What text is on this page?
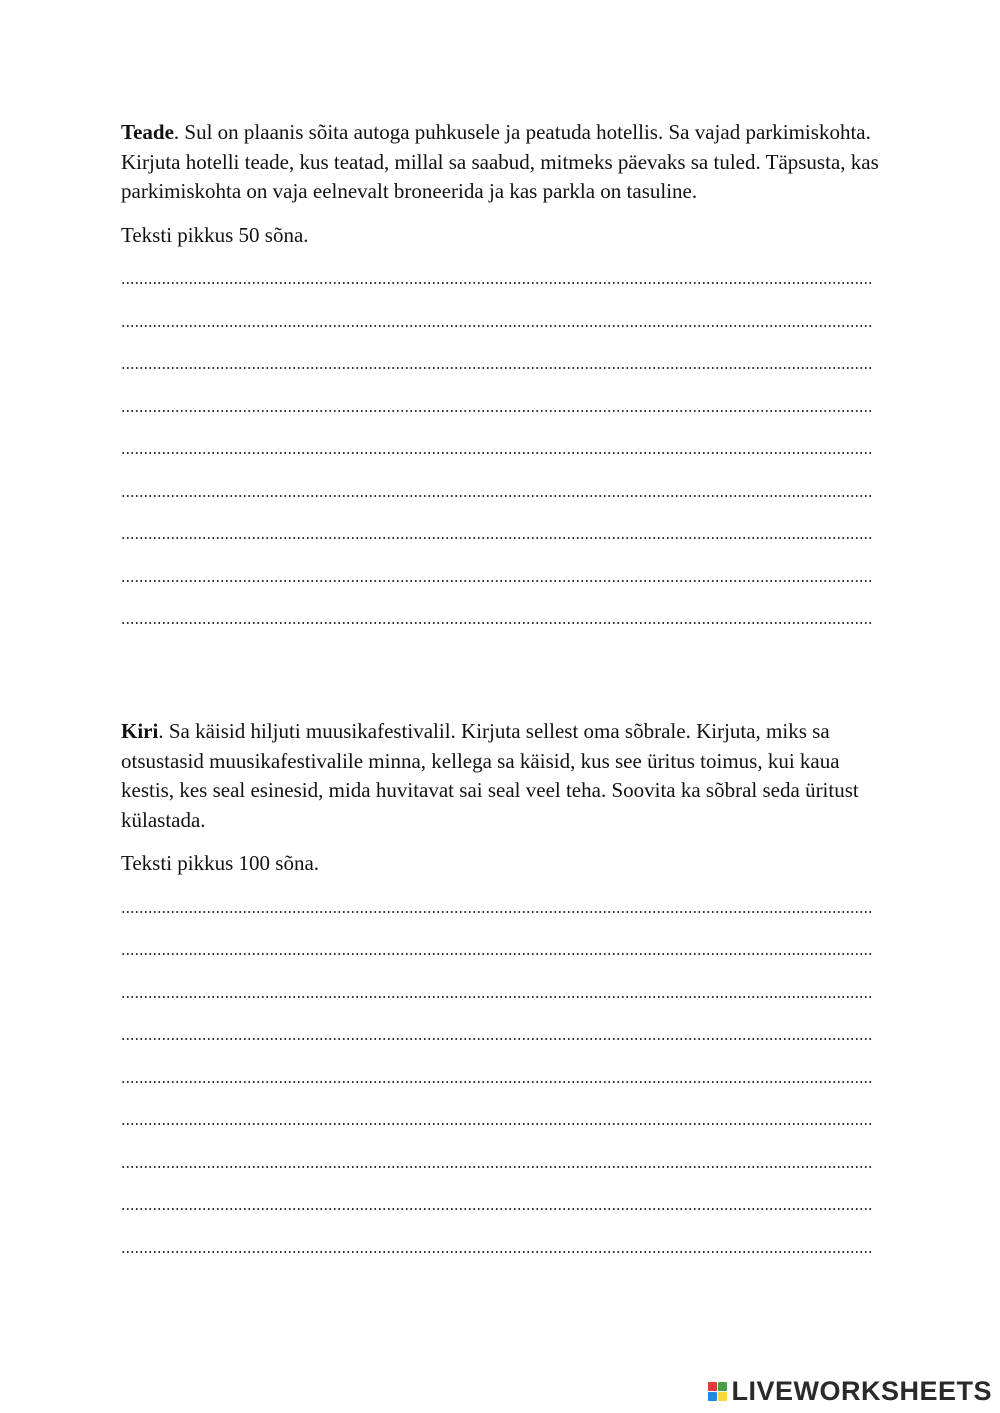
Teade. Sul on plaanis sõita autoga puhkusele ja peatuda hotellis. Sa vajad parkimiskohta. Kirjuta hotelli teade, kus teatad, millal sa saabud, mitmeks päevaks sa tuled. Täpsusta, kas parkimiskohta on vaja eelnevalt broneerida ja kas parkla on tasuline.

Teksti pikkus 50 sõna.

Kiri. Sa käisid hiljuti muusikafestivalil. Kirjuta sellest oma sõbrale. Kirjuta, miks sa otsustasid muusikafestivalile minna, kellega sa käisid, kus see üritus toimus, kui kaua kestis, kes seal esinesid, mida huvitavat sai seal veel teha. Soovita ka sõbral seda üritust külastada.

Teksti pikkus 100 sõna.

LIVEWORKSHEETS
